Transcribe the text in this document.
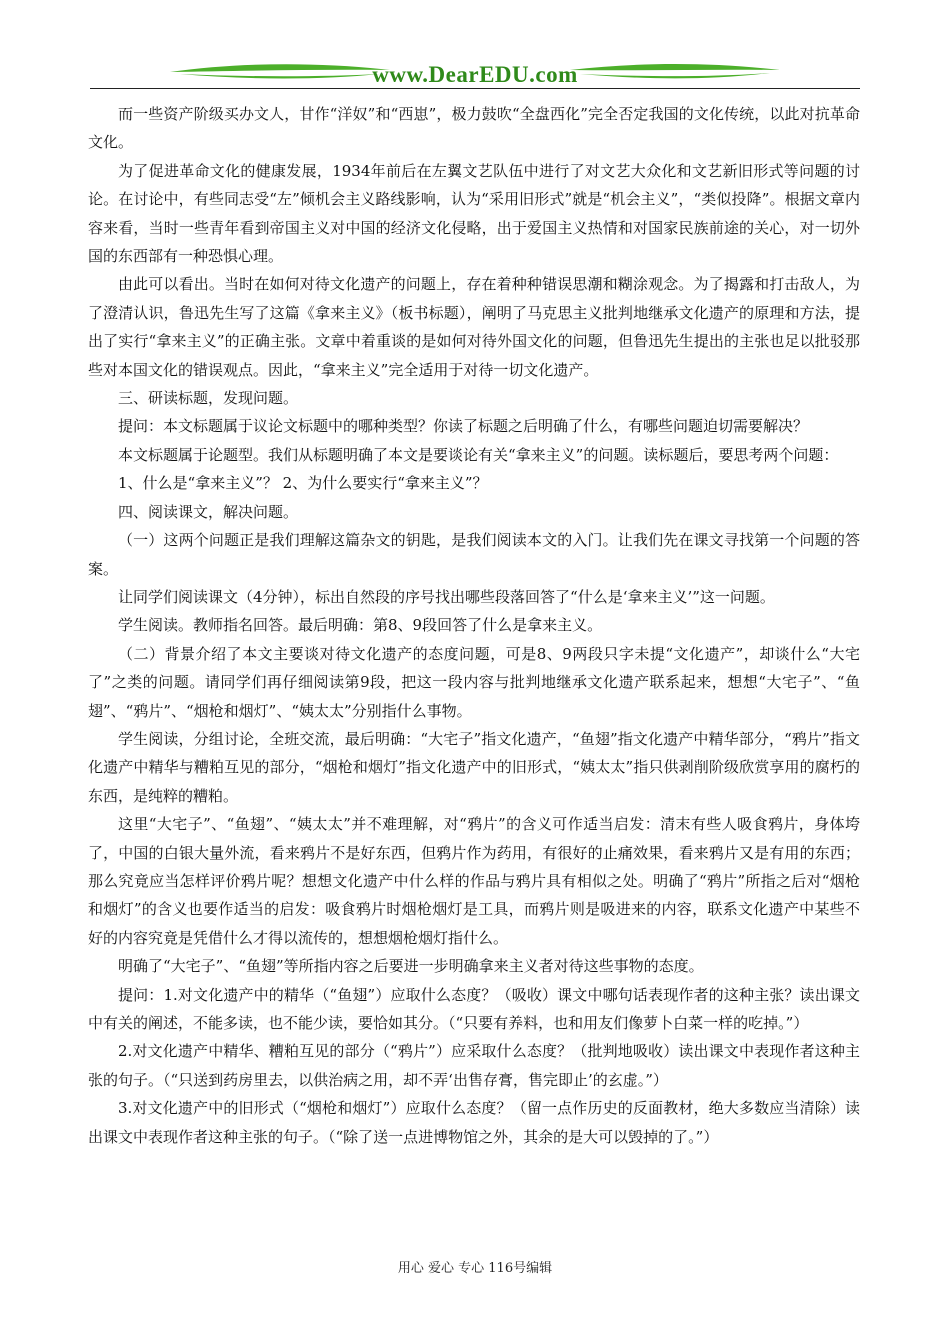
www.DearEDU.com

而一些资产阶级买办文人，甘作“洋奴”和“西崽”，极力鼓吹“全盘西化”完全否定我国的文化传统，以此对抗革命文化。

为了促进革命文化的健康发展，1934年前后在左翼文艺队伍中进行了对文艺大众化和文艺新旧形式等问题的讨论。在讨论中，有些同志受“左”倾机会主义路线影响，认为“采用旧形式”就是“机会主义”，“类似投降”。根据文章内容来看，当时一些青年看到帝国主义对中国的经济文化侵略，出于爱国主义热情和对国家民族前途的关心，对一切外国的东西部有一种恐惧心理。

由此可以看出。当时在如何对待文化遗产的问题上，存在着种种错误思潮和糊涂观念。为了揭露和打击敌人，为了澄清认识，鲁迅先生写了这篇《拿来主义》（板书标题），阐明了马克思主义批判地继承文化遗产的原理和方法，提出了实行“拿来主义”的正确主张。文章中着重谈的是如何对待外国文化的问题，但鲁迅先生提出的主张也足以批驳那些对本国文化的错误观点。因此，“拿来主义”完全适用于对待一切文化遗产。

三、研读标题，发现问题。

提问：本文标题属于议论文标题中的哪种类型？你读了标题之后明确了什么，有哪些问题迫切需要解决？

本文标题属于论题型。我们从标题明确了本文是要谈论有关“拿来主义”的问题。读标题后，要思考两个问题：

1、什么是“拿来主义”？ 2、为什么要实行“拿来主义”？

四、阅读课文，解决问题。

（一）这两个问题正是我们理解这篇杂文的钥匙，是我们阅读本文的入门。让我们先在课文寻找第一个问题的答案。

让同学们阅读课文（4分钟），标出自然段的序号找出哪些段落回答了“什么是‘拿来主义’”这一问题。

学生阅读。教师指名回答。最后明确：第8、9段回答了什么是拿来主义。

（二）背景介绍了本文主要谈对待文化遗产的态度问题，可是8、9两段只字未提“文化遗产”，却谈什么“大宅了”之类的问题。请同学们再仔细阅读第9段，把这一段内容与批判地继承文化遗产联系起来，想想“大宅子”、“鱼翅”、“鸦片”、“烟枪和烟灯”、“姨太太”分别指什么事物。

学生阅读，分组讨论，全班交流，最后明确：“大宅子”指文化遗产，“鱼翅”指文化遗产中精华部分，“鸦片”指文化遗产中精华与糟粕互见的部分，“烟枪和烟灯”指文化遗产中的旧形式，“姨太太”指只供剥削阶级欣赏享用的腐朽的东西，是纯粹的糟粕。

这里“大宅子”、“鱼翅”、“姨太太”并不难理解，对“鸦片”的含义可作适当启发：清末有些人吸食鸦片，身体垮了，中国的白银大量外流，看来鸦片不是好东西，但鸦片作为药用，有很好的止痛效果，看来鸦片又是有用的东西；那么究竟应当怎样评价鸦片呢？想想文化遗产中什么样的作品与鸦片具有相似之处。明确了“鸦片”所指之后对“烟枪和烟灯”的含义也要作适当的启发：吸食鸦片时烟枪烟灯是工具，而鸦片则是吸进来的内容，联系文化遗产中某些不好的内容究竟是凭借什么才得以流传的，想想烟枪烟灯指什么。

明确了“大宅子”、“鱼翅”等所指内容之后要进一步明确拿来主义者对待这些事物的态度。

提问：1.对文化遗产中的精华（“鱼翅”）应取什么态度？（吸收）课文中哪句话表现作者的这种主张？读出课文中有关的阐述，不能多读，也不能少读，要恰如其分。（“只要有养料，也和用友们像萝卜白菜一样的吃掉。”）

2.对文化遗产中精华、糟粕互见的部分（“鸦片”）应采取什么态度？（批判地吸收）读出课文中表现作者这种主张的句子。（“只送到药房里去，以供治病之用，却不弄‘出售存膏，售完即止’的玄虚。”）

3.对文化遗产中的旧形式（“烟枪和烟灯”）应取什么态度？（留一点作历史的反面教材，绝大多数应当清除）读出课文中表现作者这种主张的句子。（“除了送一点进博物馆之外，其余的是大可以毁掉的了。”）

用心 爱心 专心 116号编辑
